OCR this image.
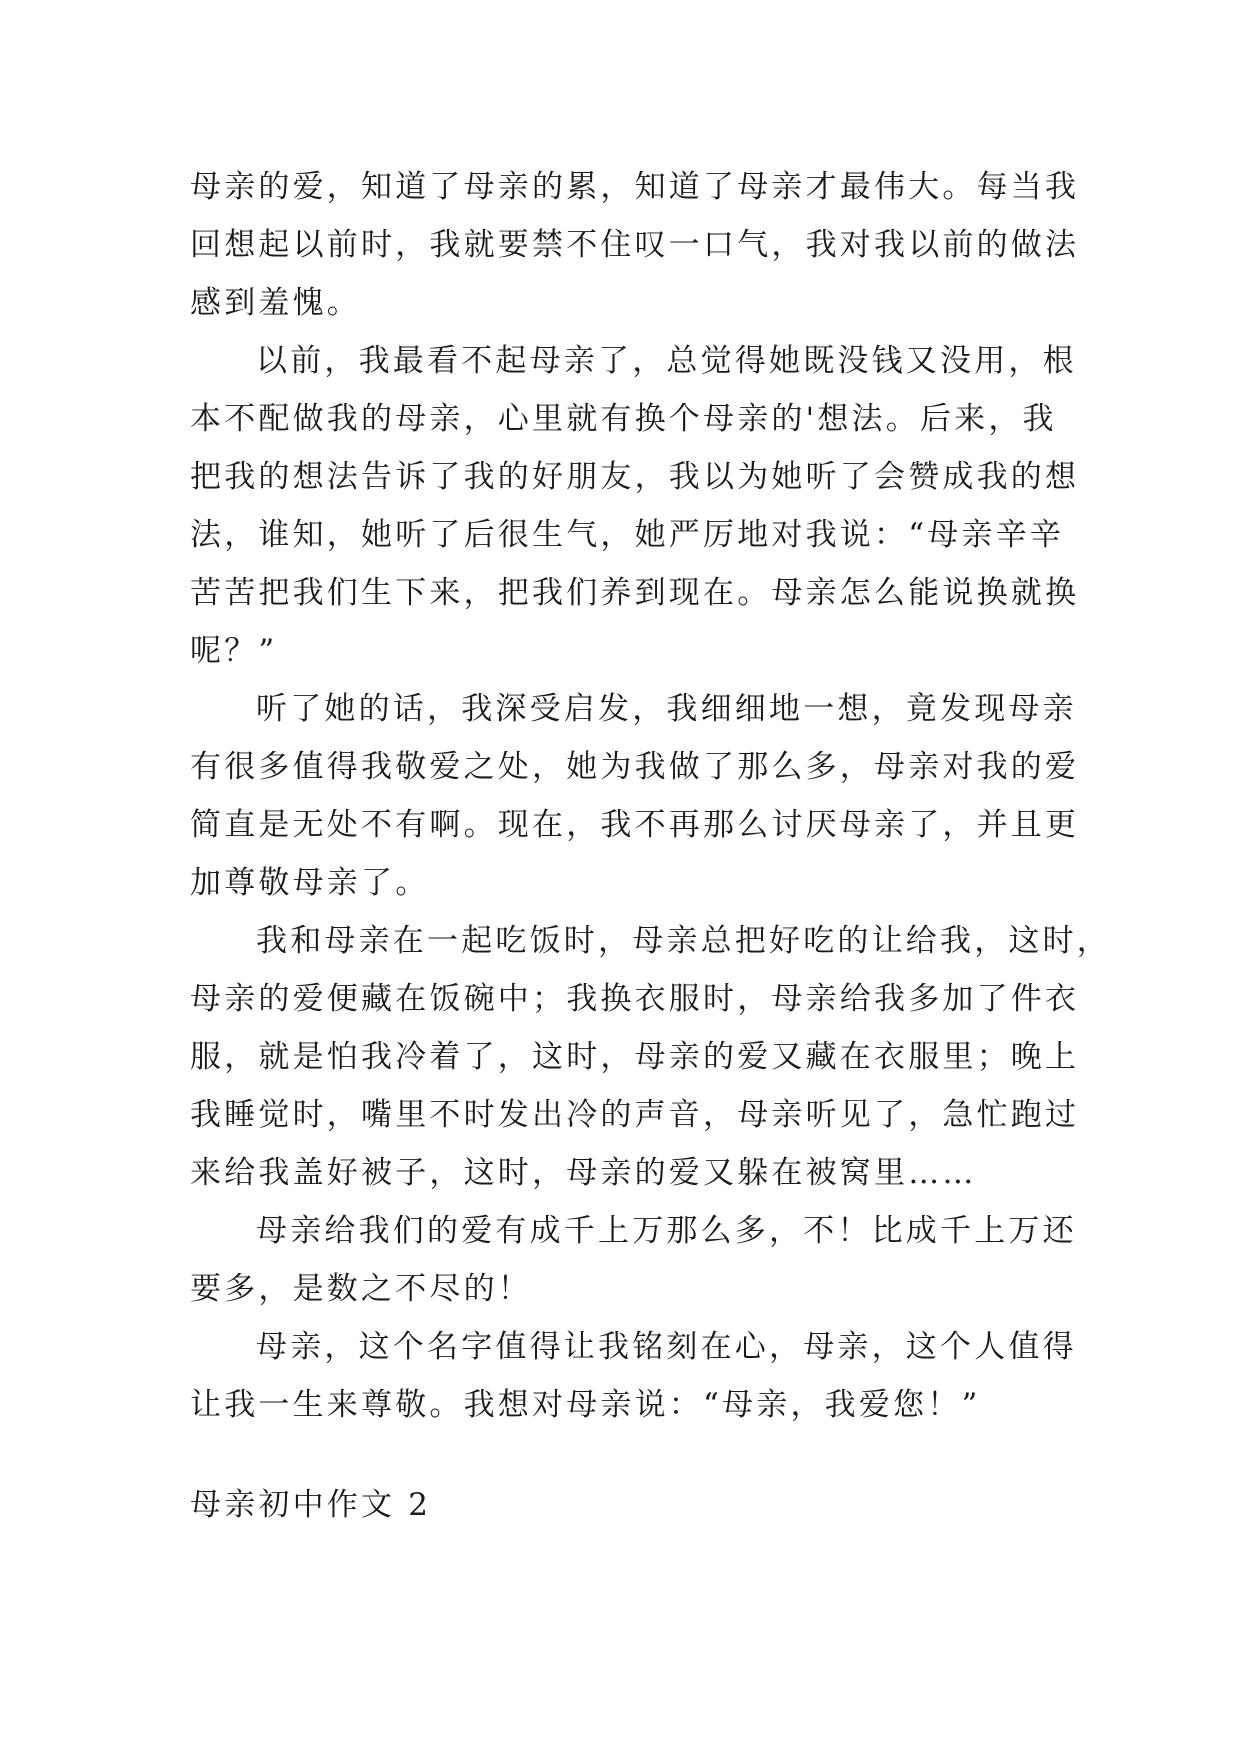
母亲的爱，知道了母亲的累，知道了母亲才最伟大。每当我
回想起以前时，我就要禁不住叹一口气，我对我以前的做法
感到羞愧。
以前，我最看不起母亲了，总觉得她既没钱又没用，根
本不配做我的母亲，心里就有换个母亲的'想法。后来，我
把我的想法告诉了我的好朋友，我以为她听了会赞成我的想
法，谁知，她听了后很生气，她严厉地对我说：“母亲辛辛
苦苦把我们生下来，把我们养到现在。母亲怎么能说换就换
呢？”
听了她的话，我深受启发，我细细地一想，竟发现母亲
有很多值得我敬爱之处，她为我做了那么多，母亲对我的爱
简直是无处不有啊。现在，我不再那么讨厌母亲了，并且更
加尊敬母亲了。
我和母亲在一起吃饭时，母亲总把好吃的让给我，这时，
母亲的爱便藏在饭碗中；我换衣服时，母亲给我多加了件衣
服，就是怕我冷着了，这时，母亲的爱又藏在衣服里；晚上
我睡觉时，嘴里不时发出冷的声音，母亲听见了，急忙跑过
来给我盖好被子，这时，母亲的爱又躲在被窝里……
母亲给我们的爱有成千上万那么多，不！比成千上万还
要多，是数之不尽的！
母亲，这个名字值得让我铭刻在心，母亲，这个人值得
让我一生来尊敬。我想对母亲说：“母亲，我爱您！”
母亲初中作文 2
